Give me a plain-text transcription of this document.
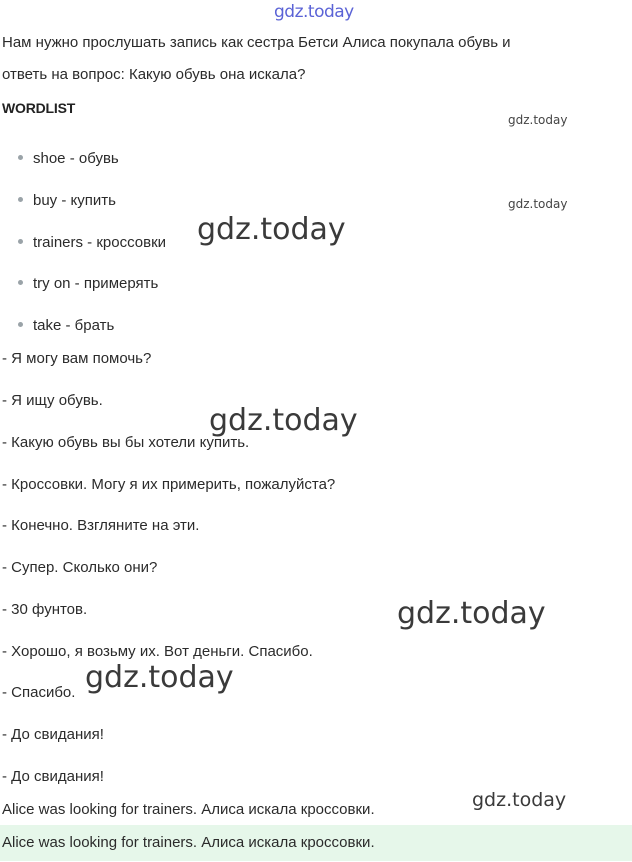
gdz.today
Нам нужно прослушать запись как сестра Бетси Алиса покупала обувь и
ответь на вопрос: Какую обувь она искала?
WORDLIST
shoe - обувь
buy - купить
trainers - кроссовки
try on - примерять
take - брать
- Я могу вам помочь?
- Я ищу обувь.
- Какую обувь вы бы хотели купить.
- Кроссовки. Могу я их примерить, пожалуйста?
- Конечно. Взгляните на эти.
- Супер. Сколько они?
- 30 фунтов.
- Хорошо, я возьму их. Вот деньги. Спасибо.
- Спасибо.
- До свидания!
- До свидания!
Alice was looking for trainers. Алиса искала кроссовки.
Alice was looking for trainers. Алиса искала кроссовки.
gdz.today
gdz.today
gdz.today
gdz.today
gdz.today
gdz.today
gdz.today
